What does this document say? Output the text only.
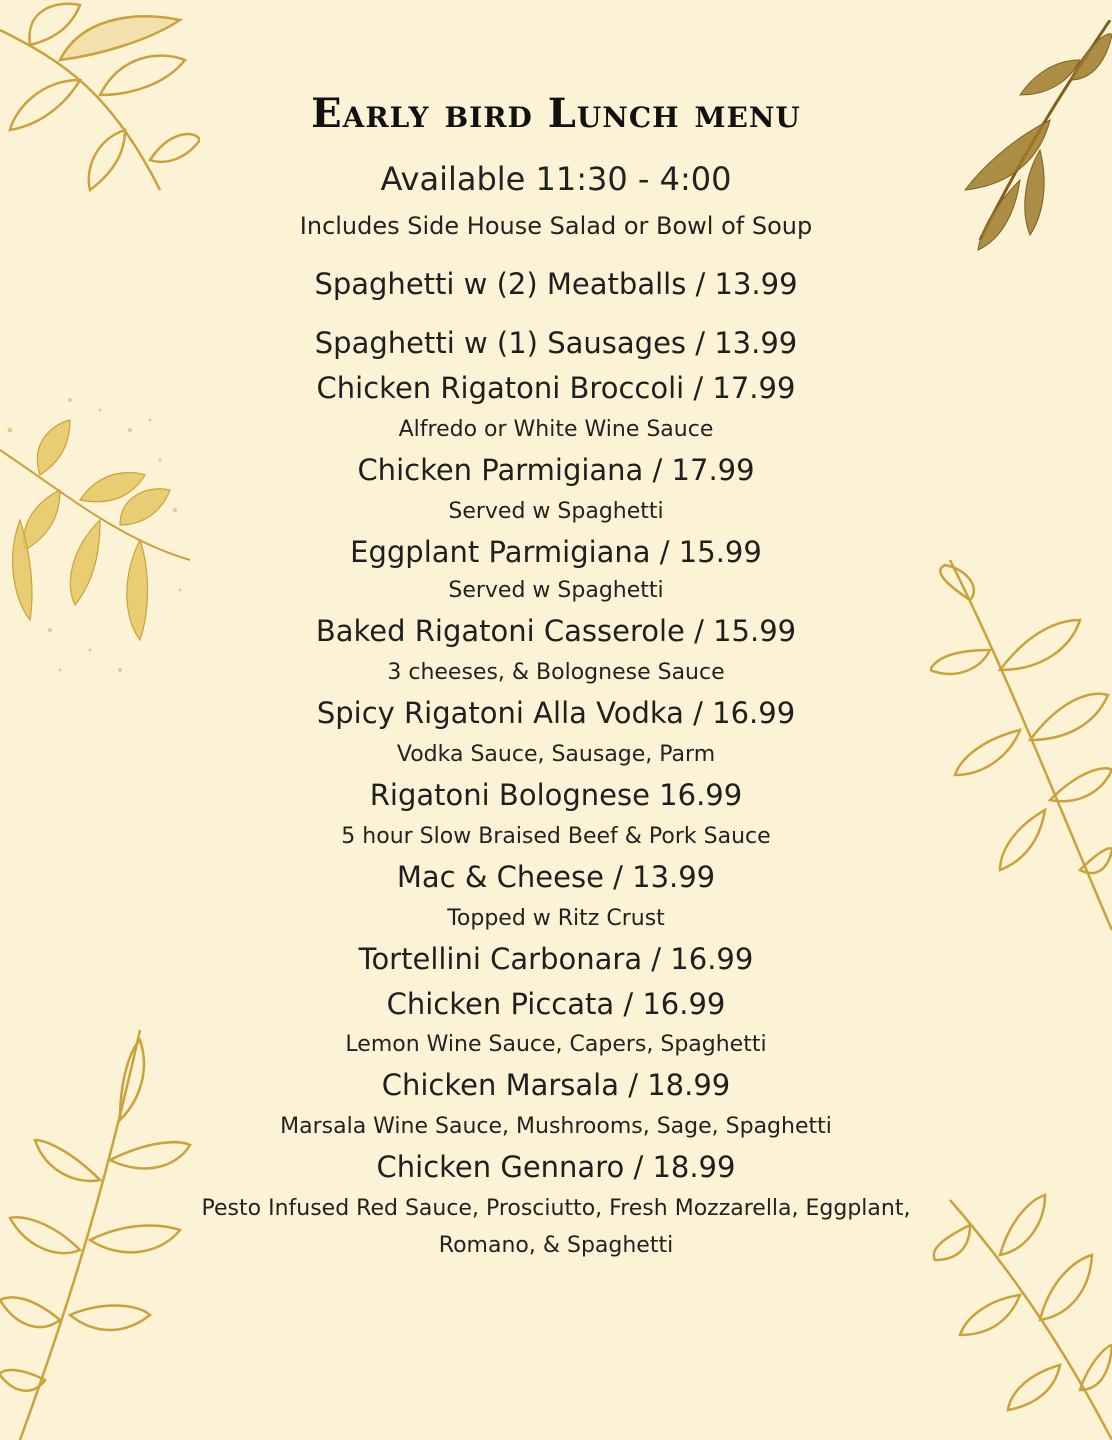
Early bird Lunch menu
Available 11:30 - 4:00
Includes Side House Salad or Bowl of Soup
Spaghetti w (2) Meatballs / 13.99
Spaghetti w (1) Sausages / 13.99
Chicken Rigatoni Broccoli / 17.99
Alfredo or White Wine Sauce
Chicken Parmigiana / 17.99
Served w Spaghetti
Eggplant Parmigiana / 15.99
Served w Spaghetti
Baked Rigatoni Casserole / 15.99
3 cheeses, & Bolognese Sauce
Spicy Rigatoni Alla Vodka / 16.99
Vodka Sauce, Sausage, Parm
Rigatoni Bolognese 16.99
5 hour Slow Braised Beef & Pork Sauce
Mac & Cheese / 13.99
Topped w Ritz Crust
Tortellini Carbonara / 16.99
Chicken Piccata / 16.99
Lemon Wine Sauce, Capers, Spaghetti
Chicken Marsala / 18.99
Marsala Wine Sauce, Mushrooms, Sage, Spaghetti
Chicken Gennaro / 18.99
Pesto Infused Red Sauce, Prosciutto, Fresh Mozzarella, Eggplant,
Romano, & Spaghetti
